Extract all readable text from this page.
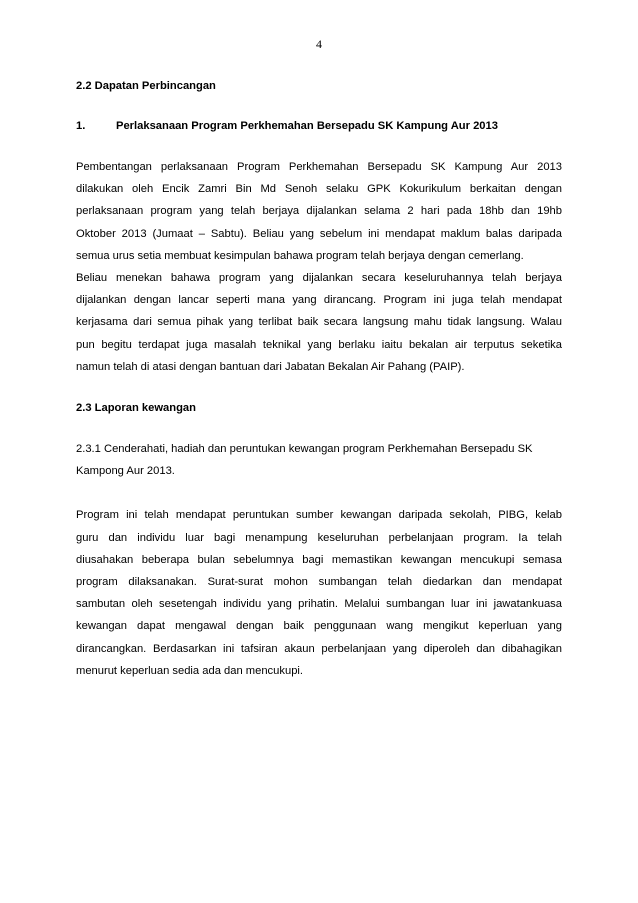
4

2.2 Dapatan Perbincangan

1.	Perlaksanaan Program Perkhemahan Bersepadu SK Kampung Aur 2013

Pembentangan perlaksanaan Program Perkhemahan Bersepadu SK Kampung Aur 2013
dilakukan oleh Encik Zamri Bin Md Senoh selaku GPK Kokurikulum berkaitan dengan
perlaksanaan program yang telah berjaya dijalankan selama 2 hari pada 18hb dan 19hb
Oktober 2013 (Jumaat – Sabtu). Beliau yang sebelum ini mendapat maklum balas daripada
semua urus setia membuat kesimpulan bahawa program telah berjaya dengan cemerlang.
Beliau menekan bahawa program yang dijalankan secara keseluruhannya telah berjaya
dijalankan dengan lancar seperti mana yang dirancang. Program ini juga telah mendapat
kerjasama dari semua pihak yang terlibat baik secara langsung mahu tidak langsung. Walau
pun begitu terdapat juga masalah teknikal yang berlaku iaitu bekalan air terputus seketika
namun telah di atasi dengan bantuan dari Jabatan Bekalan Air Pahang (PAIP).

2.3 Laporan kewangan

2.3.1 Cenderahati, hadiah dan peruntukan kewangan program Perkhemahan Bersepadu SK
Kampong Aur 2013.

Program ini telah mendapat peruntukan sumber kewangan daripada sekolah, PIBG, kelab
guru dan individu luar bagi menampung keseluruhan perbelanjaan program. Ia telah
diusahakan beberapa bulan sebelumnya bagi memastikan kewangan mencukupi semasa
program dilaksanakan. Surat-surat mohon sumbangan telah diedarkan dan mendapat
sambutan oleh sesetengah individu yang prihatin. Melalui sumbangan luar ini jawatankuasa
kewangan dapat mengawal dengan baik penggunaan wang mengikut keperluan yang
dirancangkan. Berdasarkan ini tafsiran akaun perbelanjaan yang diperoleh dan dibahagikan
menurut keperluan sedia ada dan mencukupi.
